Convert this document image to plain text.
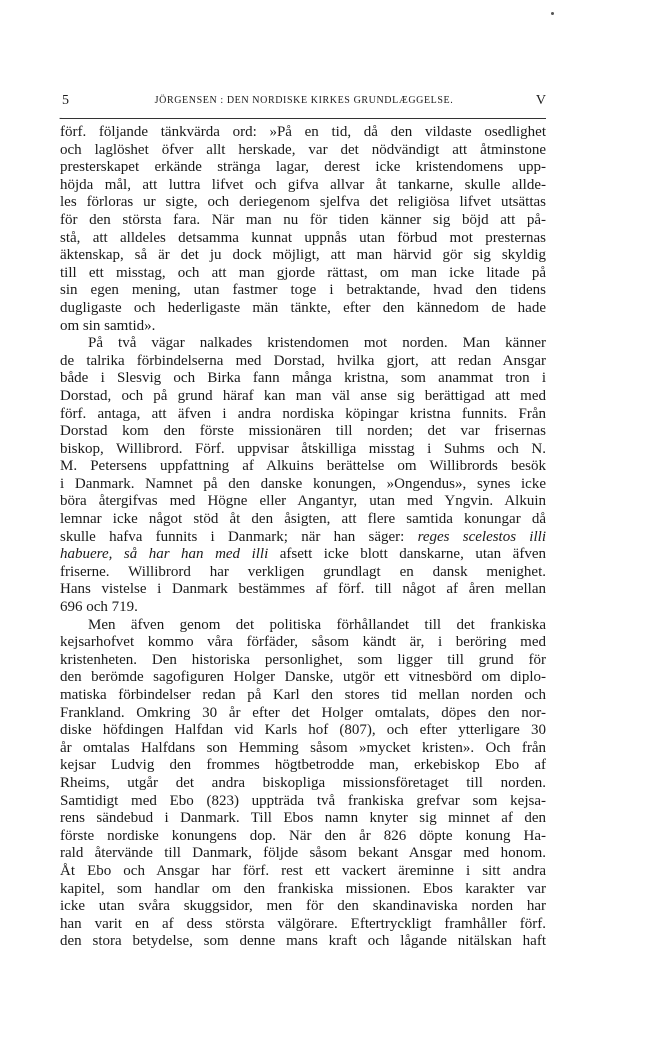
5	JÖRGENSEN : DEN NORDISKE KIRKES GRUNDLÆGGELSE.	V
-
förf. följande tänkvärda ord: »På en tid, då den vildaste osedlighet
och laglöshet öfver allt herskade, var det nödvändigt att åtminstone
presterskapet erkände stränga lagar, derest icke kristendomens upp-
höjda mål, att luttra lifvet och gifva allvar åt tankarne, skulle allde-
les förloras ur sigte, och deriegenom sjelfva det religiösa lifvet utsättas
för den största fara. När man nu för tiden känner sig böjd att på-
stå, att alldeles detsamma kunnat uppnås utan förbud mot presternas
äktenskap, så är det ju dock möjligt, att man härvid gör sig skyldig
till ett misstag, och att man gjorde rättast, om man icke litade på
sin egen mening, utan fastmer toge i betraktande, hvad den tidens
dugligaste och hederligaste män tänkte, efter den kännedom de hade
om sin samtid».
På två vägar nalkades kristendomen mot norden. Man känner
de talrika förbindelserna med Dorstad, hvilka gjort, att redan Ansgar
både i Slesvig och Birka fann många kristna, som anammat tron i
Dorstad, och på grund häraf kan man väl anse sig berättigad att med
förf. antaga, att äfven i andra nordiska köpingar kristna funnits. Från
Dorstad kom den förste missionären till norden; det var frisernas
biskop, Willibrord. Förf. uppvisar åtskilliga misstag i Suhms och N.
M. Petersens uppfattning af Alkuins berättelse om Willibrords besök
i Danmark. Namnet på den danske konungen, »Ongendus», synes icke
böra återgifvas med Högne eller Angantyr, utan med Yngvin. Alkuin
lemnar icke något stöd åt den åsigten, att flere samtida konungar då
skulle hafva funnits i Danmark; när han säger: reges scelestos illi
habuere, så har han med illi afsett icke blott danskarne, utan äfven
friserne. Willibrord har verkligen grundlagt en dansk menighet.
Hans vistelse i Danmark bestämmes af förf. till något af åren mellan
696 och 719.
Men äfven genom det politiska förhållandet till det frankiska
kejsarhofvet kommo våra förfäder, såsom kändt är, i beröring med
kristenheten. Den historiska personlighet, som ligger till grund för
den berömde sagofiguren Holger Danske, utgör ett vitnesbörd om diplo-
matiska förbindelser redan på Karl den stores tid mellan norden och
Frankland. Omkring 30 år efter det Holger omtalats, döpes den nor-
diske höfdingen Halfdan vid Karls hof (807), och efter ytterligare 30
år omtalas Halfdans son Hemming såsom »mycket kristen». Och från
kejsar Ludvig den frommes högtbetrodde man, erkebiskop Ebo af
Rheims, utgår det andra biskopliga missionsföretaget till norden.
Samtidigt med Ebo (823) uppträda två frankiska grefvar som kejsa-
rens sändebud i Danmark. Till Ebos namn knyter sig minnet af den
förste nordiske konungens dop. När den år 826 döpte konung Ha-
rald återvände till Danmark, följde såsom bekant Ansgar med honom.
Åt Ebo och Ansgar har förf. rest ett vackert äreminne i sitt andra
kapitel, som handlar om den frankiska missionen. Ebos karakter var
icke utan svåra skuggsidor, men för den skandinaviska norden har
han varit en af dess största välgörare. Eftertryckligt framhåller förf.
den stora betydelse, som denne mans kraft och lågande nitälskan haft
